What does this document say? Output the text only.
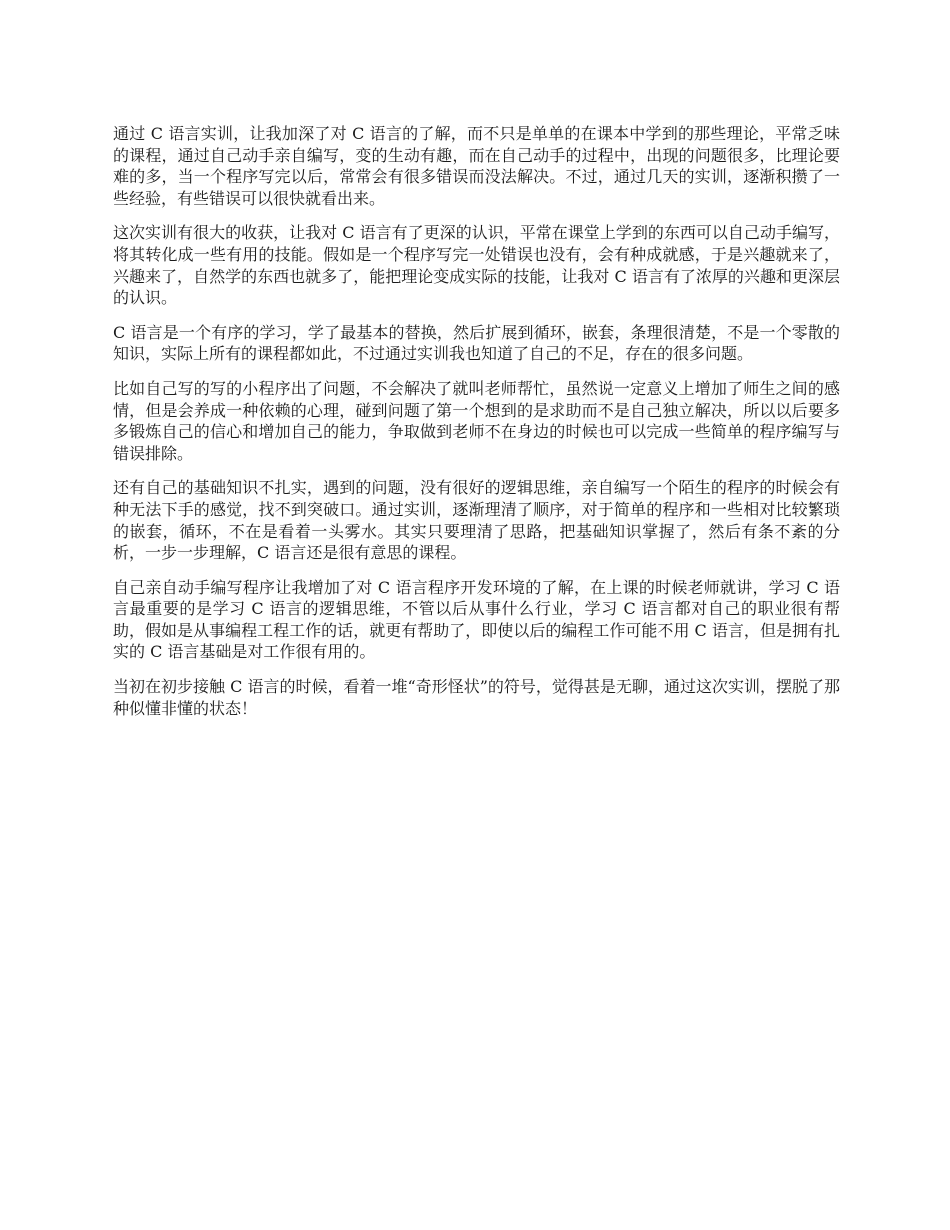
通过 C 语言实训，让我加深了对 C 语言的了解，而不只是单单的在课本中学到的那些理论，平常乏味的课程，通过自己动手亲自编写，变的生动有趣，而在自己动手的过程中，出现的问题很多，比理论要难的多，当一个程序写完以后，常常会有很多错误而没法解决。不过，通过几天的实训，逐渐积攒了一些经验，有些错误可以很快就看出来。

这次实训有很大的收获，让我对 C 语言有了更深的认识，平常在课堂上学到的东西可以自己动手编写，将其转化成一些有用的技能。假如是一个程序写完一处错误也没有，会有种成就感，于是兴趣就来了，兴趣来了，自然学的东西也就多了，能把理论变成实际的技能，让我对 C 语言有了浓厚的兴趣和更深层的认识。

C 语言是一个有序的学习，学了最基本的替换，然后扩展到循环，嵌套，条理很清楚，不是一个零散的知识，实际上所有的课程都如此，不过通过实训我也知道了自己的不足，存在的很多问题。

比如自己写的写的小程序出了问题，不会解决了就叫老师帮忙，虽然说一定意义上增加了师生之间的感情，但是会养成一种依赖的心理，碰到问题了第一个想到的是求助而不是自己独立解决，所以以后要多多锻炼自己的信心和增加自己的能力，争取做到老师不在身边的时候也可以完成一些简单的程序编写与错误排除。

还有自己的基础知识不扎实，遇到的问题，没有很好的逻辑思维，亲自编写一个陌生的程序的时候会有种无法下手的感觉，找不到突破口。通过实训，逐渐理清了顺序，对于简单的程序和一些相对比较繁琐的嵌套，循环，不在是看着一头雾水。其实只要理清了思路，把基础知识掌握了，然后有条不紊的分析，一步一步理解，C 语言还是很有意思的课程。

自己亲自动手编写程序让我增加了对 C 语言程序开发环境的了解，在上课的时候老师就讲，学习 C 语言最重要的是学习 C 语言的逻辑思维，不管以后从事什么行业，学习 C 语言都对自己的职业很有帮助，假如是从事编程工程工作的话，就更有帮助了，即使以后的编程工作可能不用 C 语言，但是拥有扎实的 C 语言基础是对工作很有用的。

当初在初步接触 C 语言的时候，看着一堆“奇形怪状”的符号，觉得甚是无聊，通过这次实训，摆脱了那种似懂非懂的状态！
